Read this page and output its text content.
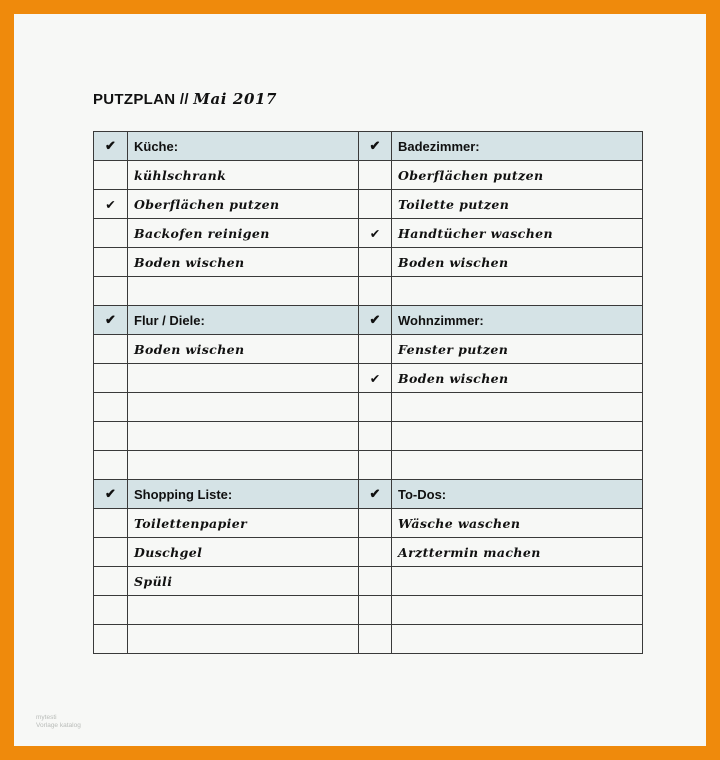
PUTZPLAN // Mai 2017
✔	Küche:	✔	Badezimmer:
	kühlschrank		Oberflächen putzen
✔	Oberflächen putzen		Toilette putzen
	Backofen reinigen	✔	Handtücher waschen
	Boden wischen		Boden wischen

✔	Flur / Diele:	✔	Wohnzimmer:
	Boden wischen		Fenster putzen
		✔	Boden wischen

✔	Shopping Liste:	✔	To-Dos:
	Toilettenpapier		Wäsche waschen
	Duschgel		Arzttermin machen
	Spüli		

mytesti
Vorlage katalog
